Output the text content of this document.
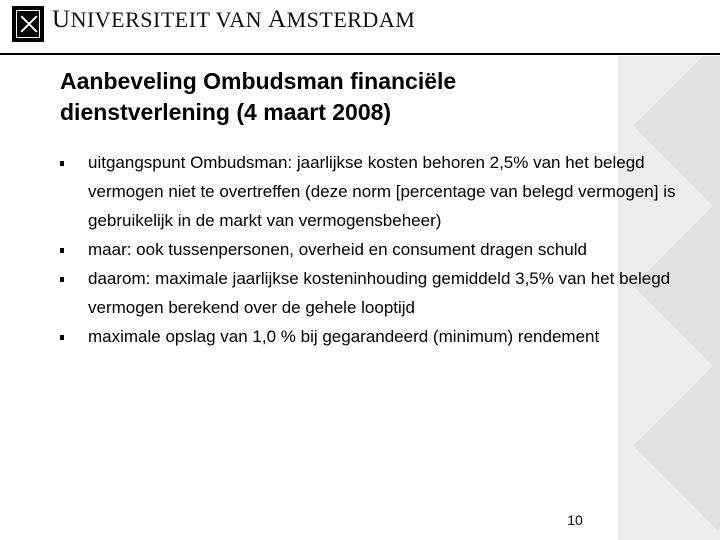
UNIVERSITEIT VAN AMSTERDAM
Aanbeveling Ombudsman financiële
dienstverlening (4 maart 2008)
uitgangspunt Ombudsman: jaarlijkse kosten behoren 2,5% van het belegd vermogen niet te overtreffen (deze norm [percentage van belegd vermogen] is gebruikelijk in de markt van vermogensbeheer)
maar: ook tussenpersonen, overheid en consument dragen schuld
daarom: maximale jaarlijkse kosteninhouding gemiddeld 3,5% van het belegd vermogen berekend over de gehele looptijd
maximale opslag van 1,0 % bij gegarandeerd (minimum) rendement
10
